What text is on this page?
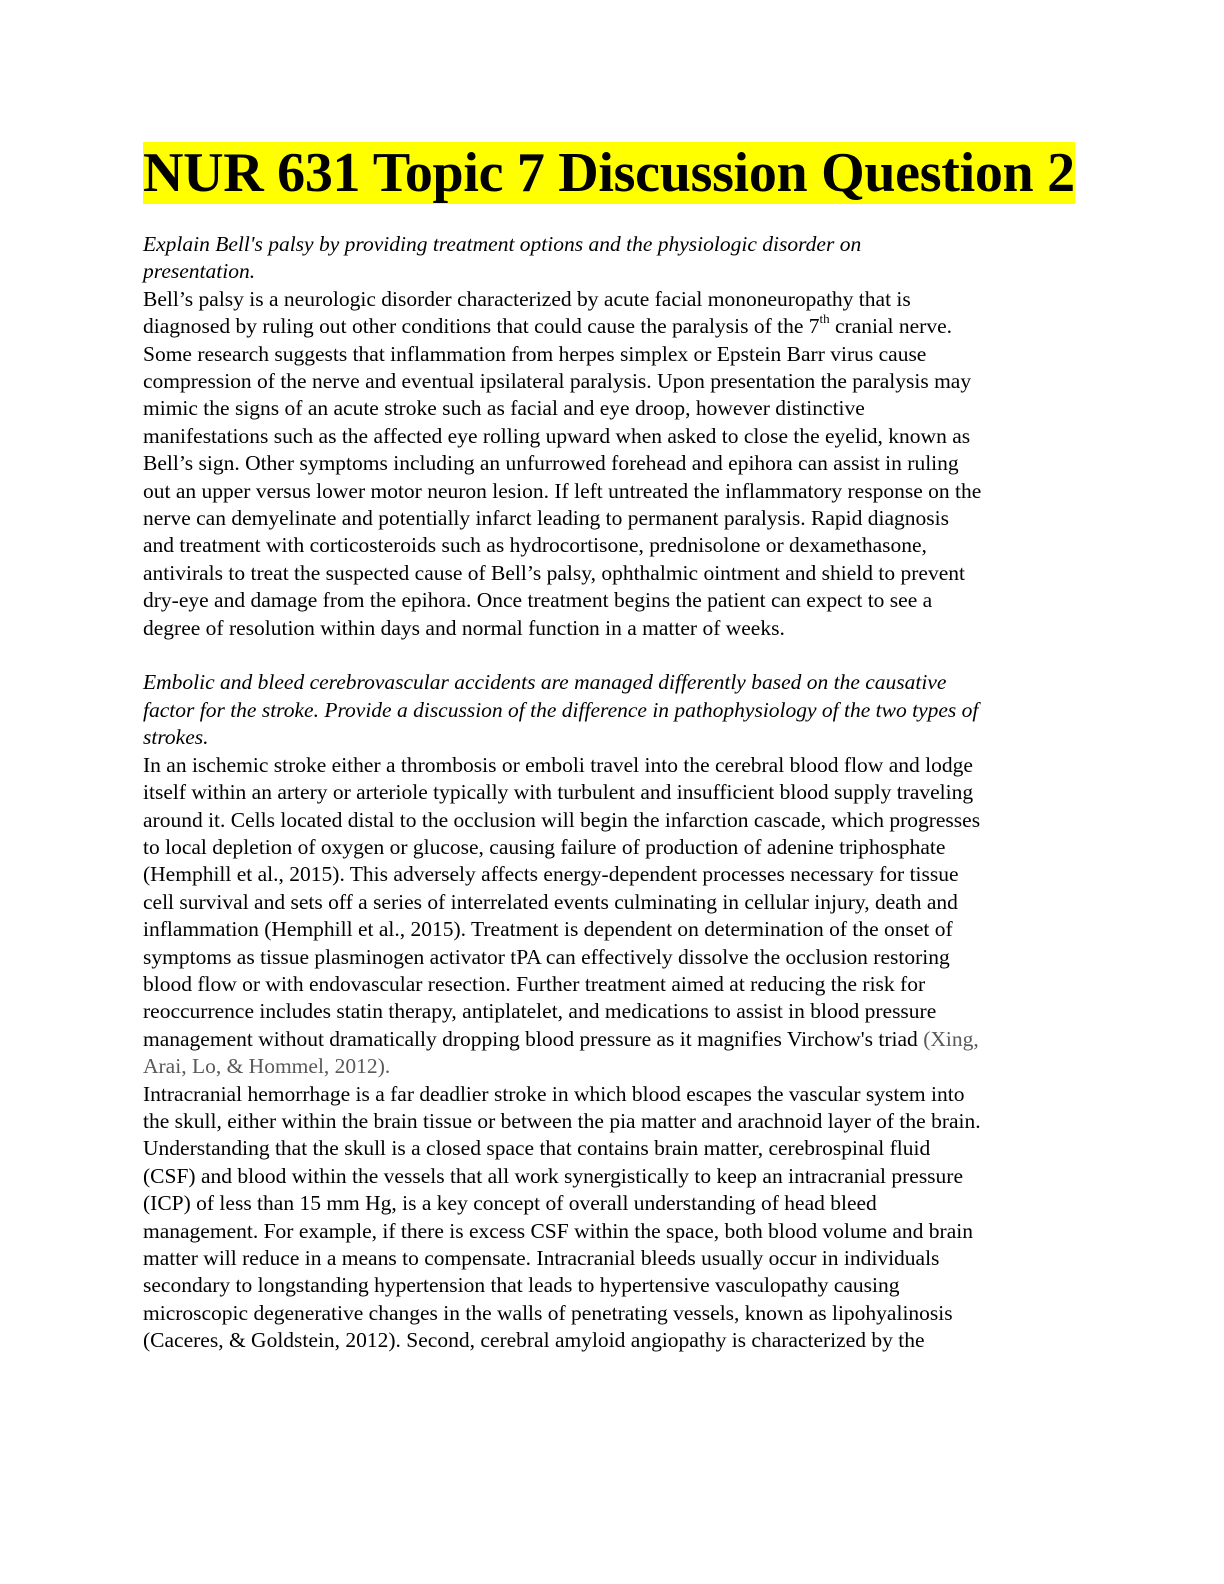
NUR 631 Topic 7 Discussion Question 2
Explain Bell's palsy by providing treatment options and the physiologic disorder on
presentation.
Bell’s palsy is a neurologic disorder characterized by acute facial mononeuropathy that is
diagnosed by ruling out other conditions that could cause the paralysis of the 7th cranial nerve.
Some research suggests that inflammation from herpes simplex or Epstein Barr virus cause
compression of the nerve and eventual ipsilateral paralysis. Upon presentation the paralysis may
mimic the signs of an acute stroke such as facial and eye droop, however distinctive
manifestations such as the affected eye rolling upward when asked to close the eyelid, known as
Bell’s sign. Other symptoms including an unfurrowed forehead and epihora can assist in ruling
out an upper versus lower motor neuron lesion. If left untreated the inflammatory response on the
nerve can demyelinate and potentially infarct leading to permanent paralysis. Rapid diagnosis
and treatment with corticosteroids such as hydrocortisone, prednisolone or dexamethasone,
antivirals to treat the suspected cause of Bell’s palsy, ophthalmic ointment and shield to prevent
dry-eye and damage from the epihora. Once treatment begins the patient can expect to see a
degree of resolution within days and normal function in a matter of weeks.
Embolic and bleed cerebrovascular accidents are managed differently based on the causative
factor for the stroke. Provide a discussion of the difference in pathophysiology of the two types of
strokes.
In an ischemic stroke either a thrombosis or emboli travel into the cerebral blood flow and lodge
itself within an artery or arteriole typically with turbulent and insufficient blood supply traveling
around it. Cells located distal to the occlusion will begin the infarction cascade, which progresses
to local depletion of oxygen or glucose, causing failure of production of adenine triphosphate
(Hemphill et al., 2015). This adversely affects energy-dependent processes necessary for tissue
cell survival and sets off a series of interrelated events culminating in cellular injury, death and
inflammation (Hemphill et al., 2015). Treatment is dependent on determination of the onset of
symptoms as tissue plasminogen activator tPA can effectively dissolve the occlusion restoring
blood flow or with endovascular resection. Further treatment aimed at reducing the risk for
reoccurrence includes statin therapy, antiplatelet, and medications to assist in blood pressure
management without dramatically dropping blood pressure as it magnifies Virchow's triad (Xing,
Arai, Lo, & Hommel, 2012).
Intracranial hemorrhage is a far deadlier stroke in which blood escapes the vascular system into
the skull, either within the brain tissue or between the pia matter and arachnoid layer of the brain.
Understanding that the skull is a closed space that contains brain matter, cerebrospinal fluid
(CSF) and blood within the vessels that all work synergistically to keep an intracranial pressure
(ICP) of less than 15 mm Hg, is a key concept of overall understanding of head bleed
management. For example, if there is excess CSF within the space, both blood volume and brain
matter will reduce in a means to compensate. Intracranial bleeds usually occur in individuals
secondary to longstanding hypertension that leads to hypertensive vasculopathy causing
microscopic degenerative changes in the walls of penetrating vessels, known as lipohyalinosis
(Caceres, & Goldstein, 2012). Second, cerebral amyloid angiopathy is characterized by the
